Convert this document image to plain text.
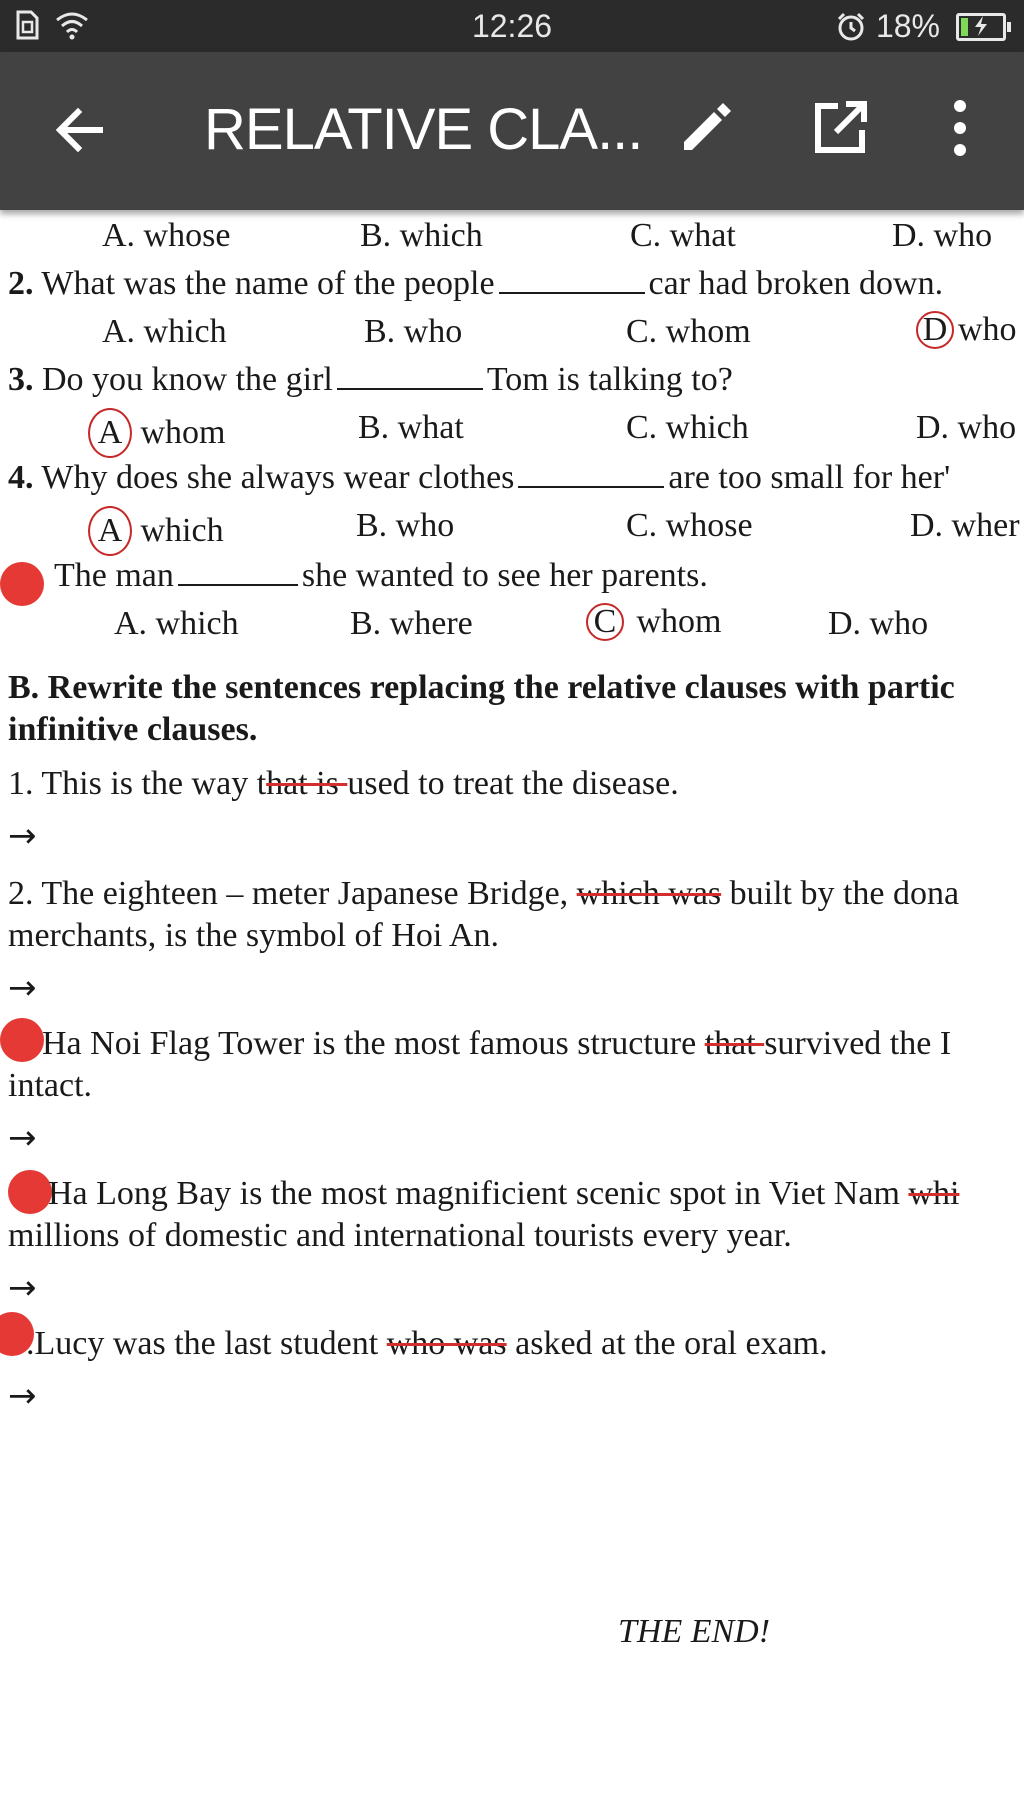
12:26	18%
RELATIVE CLA...
A. whose	B. which	C. what	D. who
2. What was the name of the people	car had broken down.
A. which	B. who	C. whom	D who
3. Do you know the girl	Tom is talking to?
A whom	B. what	C. which	D. who
4. Why does she always wear clothes	are too small for her'
A which	B. who	C. whose	D. wher
The man	she wanted to see her parents.
A. which	B. where	C whom	D. who
B. Rewrite the sentences replacing the relative clauses with partic
infinitive clauses.
1. This is the way that is used to treat the disease.
→
2. The eighteen – meter Japanese Bridge, which was built by the dona
merchants, is the symbol of Hoi An.
→
Ha Noi Flag Tower is the most famous structure that survived the I
intact.
→
Ha Long Bay is the most magnificient scenic spot in Viet Nam whi
millions of domestic and international tourists every year.
→
.Lucy was the last student who was asked at the oral exam.
→
THE END!
